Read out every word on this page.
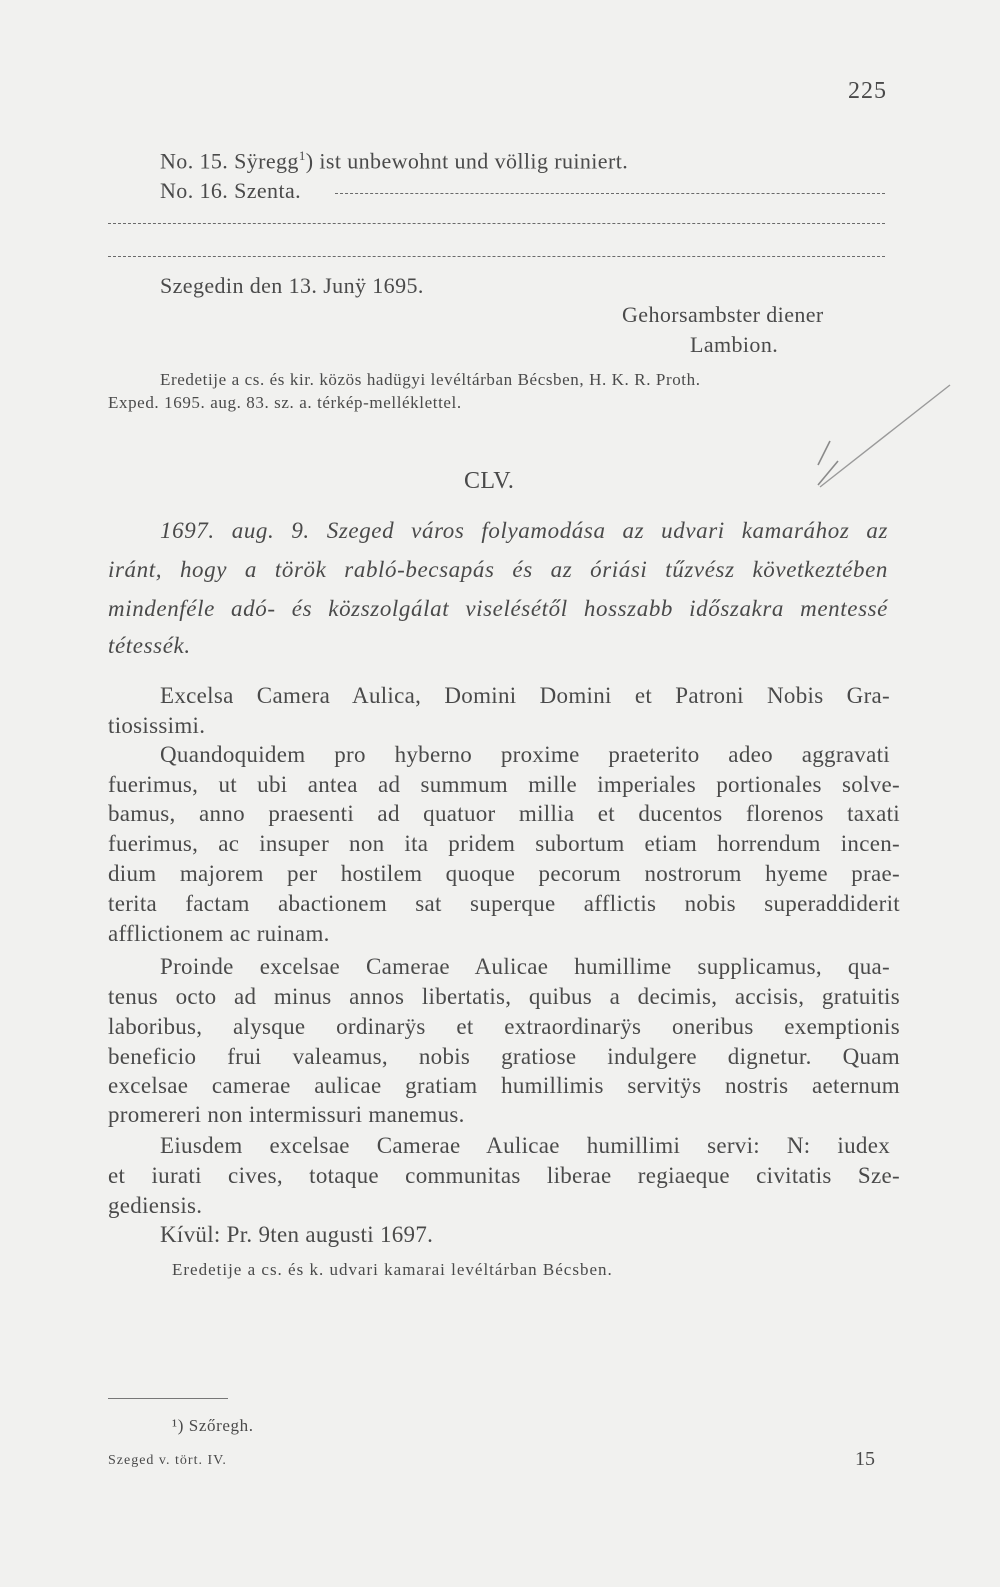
225
No. 15. Sÿregg$^1$) ist unbewohnt und völlig ruiniert.
No. 16. Szenta.
Szegedin den 13. Junÿ 1695.
Gehorsambster diener
Lambion.
Eredetije a cs. és kir. közös hadügyi levéltárban Bécsben, H. K. R. Proth.
Exped. 1695. aug. 83. sz. a. térkép-melléklettel.
CLV.
1697. aug. 9. Szeged város folyamodása az udvari kamarához az
iránt, hogy a török rabló-becsapás és az óriási tűzvész következtében
mindenféle adó- és közszolgálat viselésétől hosszabb időszakra mentessé
tétessék.
Excelsa Camera Aulica, Domini Domini et Patroni Nobis Gra-
tiosissimi.
Quandoquidem pro hyberno proxime praeterito adeo aggravati
fuerimus, ut ubi antea ad summum mille imperiales portionales solve-
bamus, anno praesenti ad quatuor millia et ducentos florenos taxati
fuerimus, ac insuper non ita pridem subortum etiam horrendum incen-
dium majorem per hostilem quoque pecorum nostrorum hyeme prae-
terita factam abactionem sat superque afflictis nobis superaddiderit
afflictionem ac ruinam.
Proinde excelsae Camerae Aulicae humillime supplicamus, qua-
tenus octo ad minus annos libertatis, quibus a decimis, accisis, gratuitis
laboribus, alysque ordinarÿs et extraordinarÿs oneribus exemptionis
beneficio frui valeamus, nobis gratiose indulgere dignetur. Quam
excelsae camerae aulicae gratiam humillimis servitÿs nostris aeternum
promereri non intermissuri manemus.
Eiusdem excelsae Camerae Aulicae humillimi servi: N: iudex
et iurati cives, totaque communitas liberae regiaeque civitatis Sze-
gediensis.
Kívül: Pr. 9ten augusti 1697.
Eredetije a cs. és k. udvari kamarai levéltárban Bécsben.
¹) Szőregh.
Szeged v. tört. IV.	15
